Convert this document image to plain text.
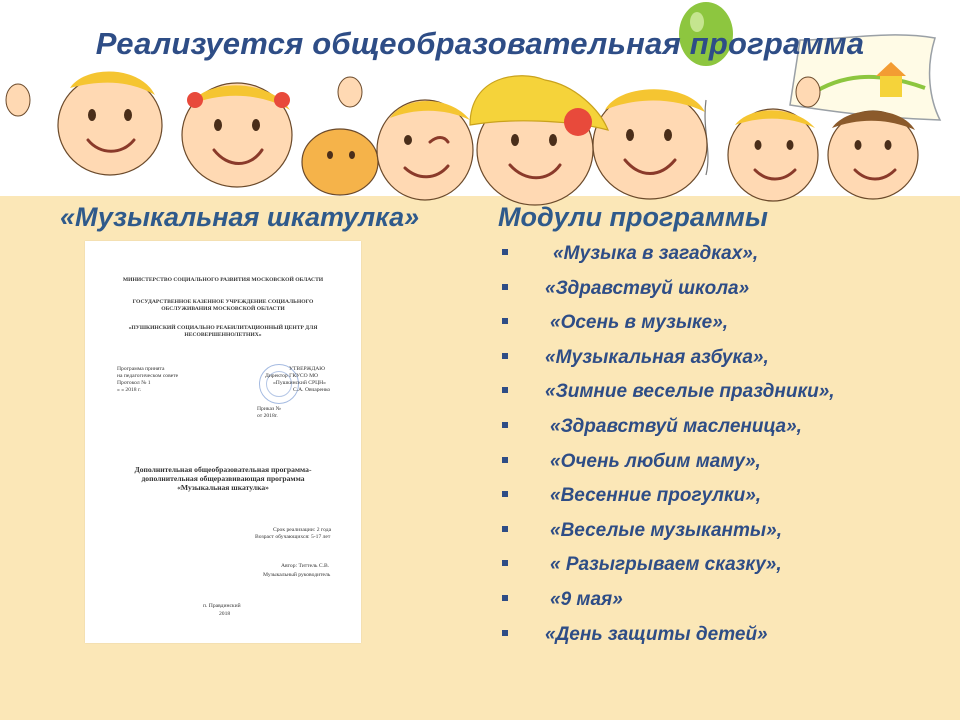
Реализуется общеобразовательная программа
«Музыкальная шкатулка»	Модули программы
МИНИСТЕРСТВО СОЦИАЛЬНОГО РАЗВИТИЯ МОСКОВСКОЙ ОБЛАСТИ
ГОСУДАРСТВЕННОЕ КАЗЕННОЕ УЧРЕЖДЕНИЕ СОЦИАЛЬНОГО ОБСЛУЖИВАНИЯ МОСКОВСКОЙ ОБЛАСТИ
«ПУШКИНСКИЙ СОЦИАЛЬНО РЕАБИЛИТАЦИОННЫЙ ЦЕНТР ДЛЯ НЕСОВЕРШЕННОЛЕТНИХ»
Программа принята
на педагогическом совете
Протокол № 1
« » 2018 г.
УТВЕРЖДАЮ
Директор ГКУСО МО
«Пушкинский СРЦН»
С.А. Овчаренко
Приказ №
от 2018г.
Дополнительная общеобразовательная программа-
дополнительная общеразвивающая программа
«Музыкальная шкатулка»
Срок реализации: 2 года
Возраст обучающихся: 5-17 лет
Автор: Титтель С.В.
Музыкальный руководитель
п. Правдинский
2018
«Музыка в загадках»,
«Здравствуй школа»
«Осень в музыке»,
«Музыкальная азбука»,
«Зимние веселые праздники»,
«Здравствуй масленица»,
«Очень любим маму»,
«Весенние прогулки»,
«Веселые музыканты»,
« Разыгрываем сказку»,
«9 мая»
«День защиты детей»
